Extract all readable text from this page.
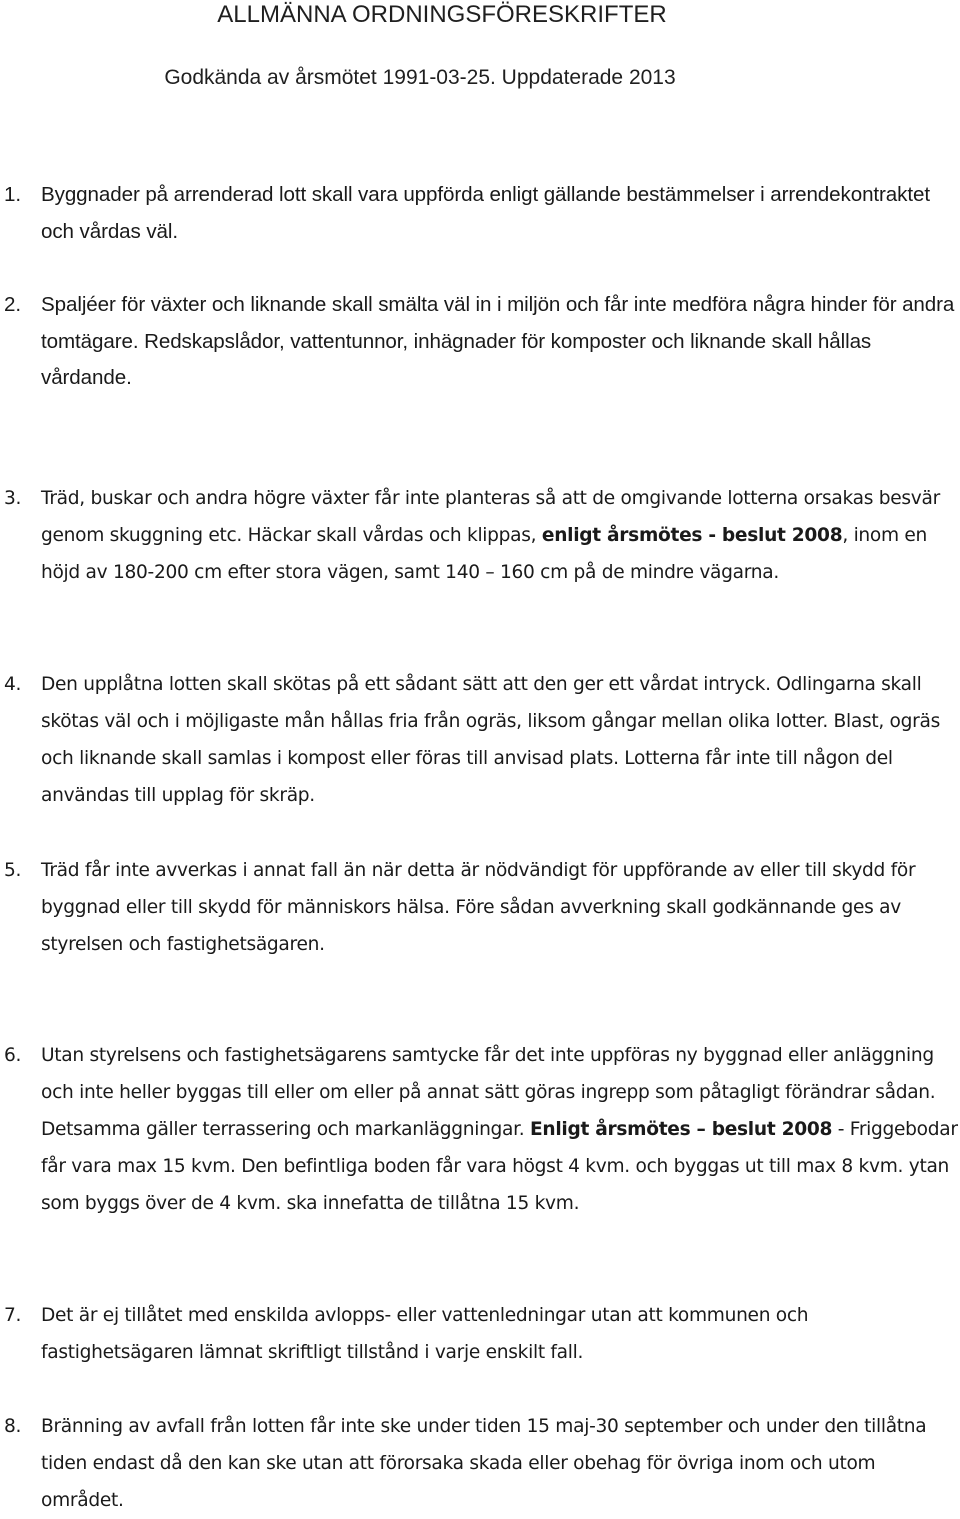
ALLMÄNNA ORDNINGSFÖRESKRIFTER
Godkända av årsmötet 1991-03-25. Uppdaterade 2013
1. Byggnader på arrenderad lott skall vara uppförda enligt gällande bestämmelser i arrendekontraktet och vårdas väl.
2. Spaljéer för växter och liknande skall smälta väl in i miljön och får inte medföra några hinder för andra tomtägare. Redskapslådor, vattentunnor, inhägnader för komposter och liknande skall hållas vårdande.
3. Träd, buskar och andra högre växter får inte planteras så att de omgivande lotterna orsakas besvär genom skuggning etc. Häckar skall vårdas och klippas, enligt årsmötes - beslut 2008, inom en höjd av 180-200 cm efter stora vägen, samt 140 – 160 cm på de mindre vägarna.
4. Den upplåtna lotten skall skötas på ett sådant sätt att den ger ett vårdat intryck. Odlingarna skall skötas väl och i möjligaste mån hållas fria från ogräs, liksom gångar mellan olika lotter. Blast, ogräs och liknande skall samlas i kompost eller föras till anvisad plats. Lotterna får inte till någon del användas till upplag för skräp.
5. Träd får inte avverkas i annat fall än när detta är nödvändigt för uppförande av eller till skydd för byggnad eller till skydd för människors hälsa. Före sådan avverkning skall godkännande ges av styrelsen och fastighetsägaren.
6. Utan styrelsens och fastighetsägarens samtycke får det inte uppföras ny byggnad eller anläggning och inte heller byggas till eller om eller på annat sätt göras ingrepp som påtagligt förändrar sådan. Detsamma gäller terrassering och markanläggningar. Enligt årsmötes – beslut 2008 - Friggebodar får vara max 15 kvm. Den befintliga boden får vara högst 4 kvm. och byggas ut till max 8 kvm. ytan som byggs över de 4 kvm. ska innefatta de tillåtna 15 kvm.
7. Det är ej tillåtet med enskilda avlopps- eller vattenledningar utan att kommunen och fastighetsägaren lämnat skriftligt tillstånd i varje enskilt fall.
8. Bränning av avfall från lotten får inte ske under tiden 15 maj-30 september och under den tillåtna tiden endast då den kan ske utan att förorsaka skada eller obehag för övriga inom och utom området.
